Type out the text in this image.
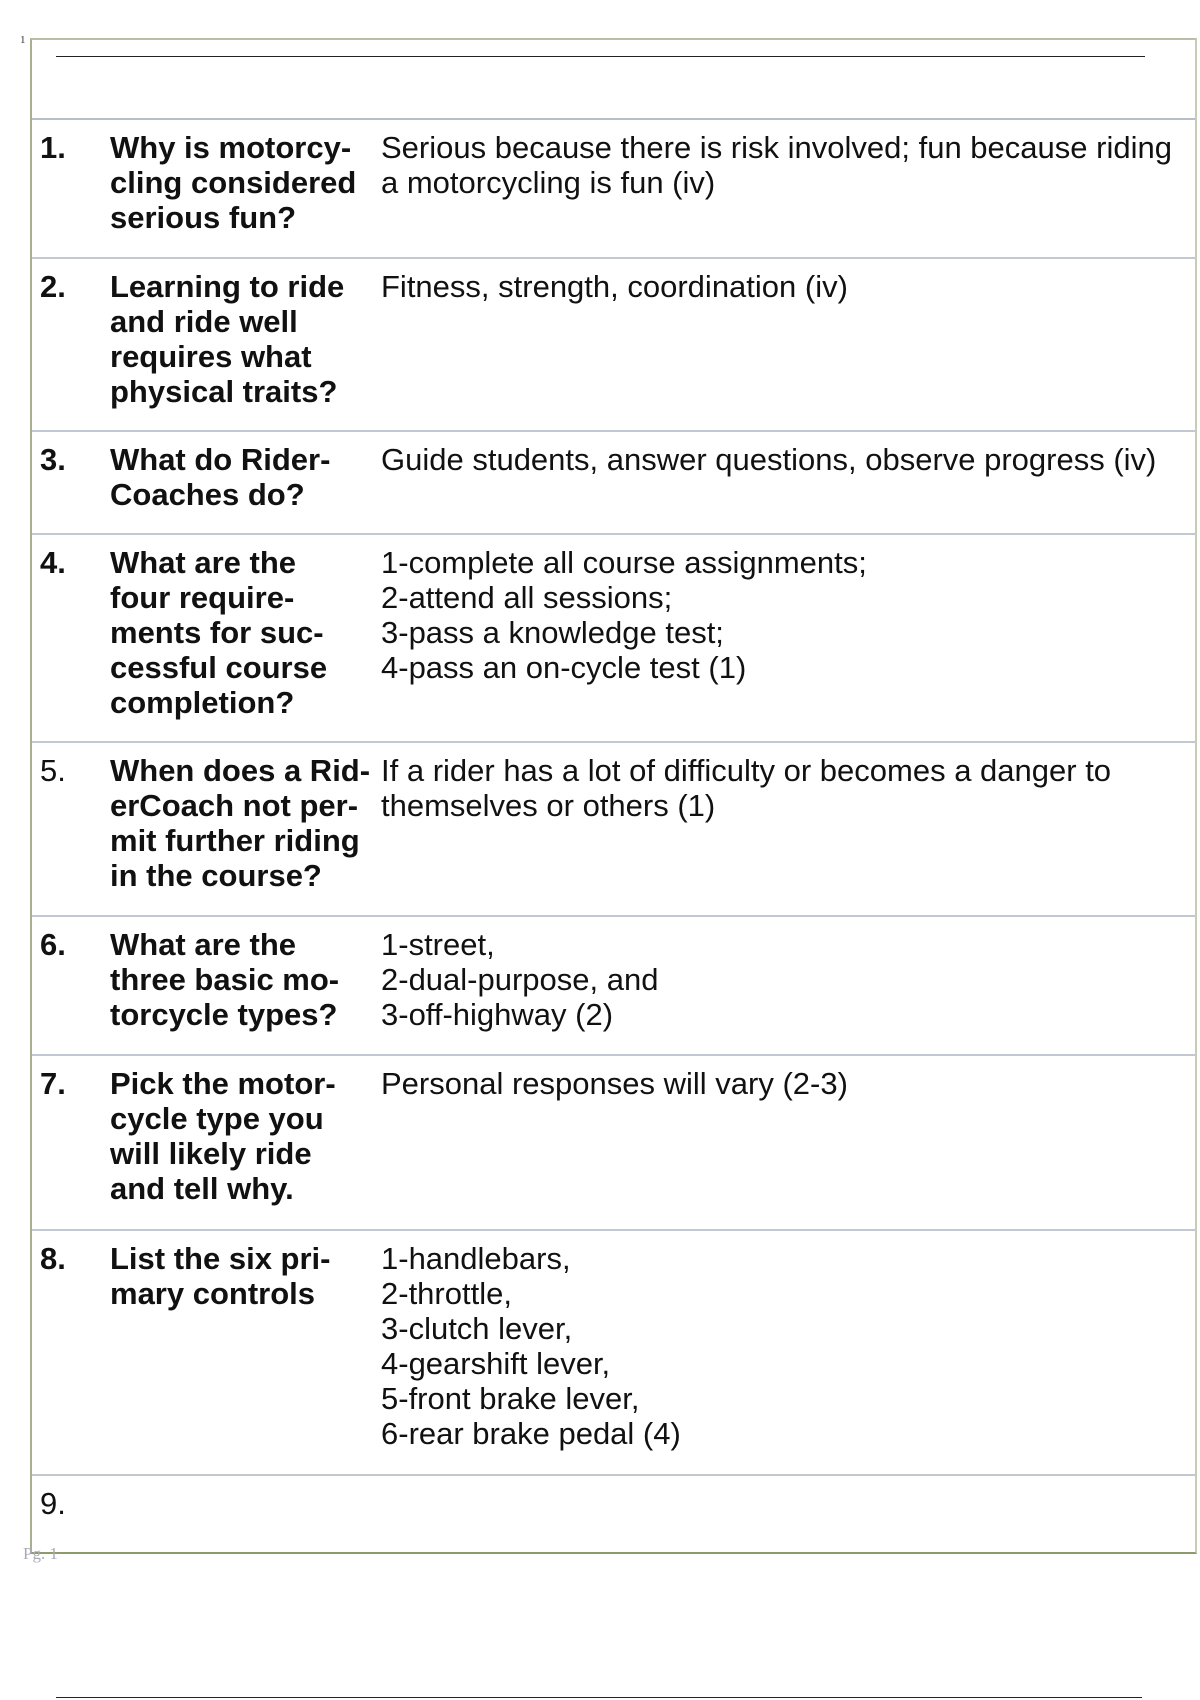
1
1. Why is motorcy-
cling considered
serious fun?
Serious because there is risk involved; fun because riding
a motorcycling is fun (iv)
2. Learning to ride
and ride well
requires what
physical traits?
Fitness, strength, coordination (iv)
3. What do Rider-
Coaches do?
Guide students, answer questions, observe progress (iv)
4. What are the
four require-
ments for suc-
cessful course
completion?
1-complete all course assignments;
2-attend all sessions;
3-pass a knowledge test;
4-pass an on-cycle test (1)
5. When does a Rid-
erCoach not per-
mit further riding
in the course?
If a rider has a lot of difficulty or becomes a danger to
themselves or others (1)
6. What are the
three basic mo-
torcycle types?
1-street,
2-dual-purpose, and
3-off-highway (2)
7. Pick the motor-
cycle type you
will likely ride
and tell why.
Personal responses will vary (2-3)
8. List the six pri-
mary controls
1-handlebars,
2-throttle,
3-clutch lever,
4-gearshift lever,
5-front brake lever,
6-rear brake pedal (4)
9.
Pg. 1
